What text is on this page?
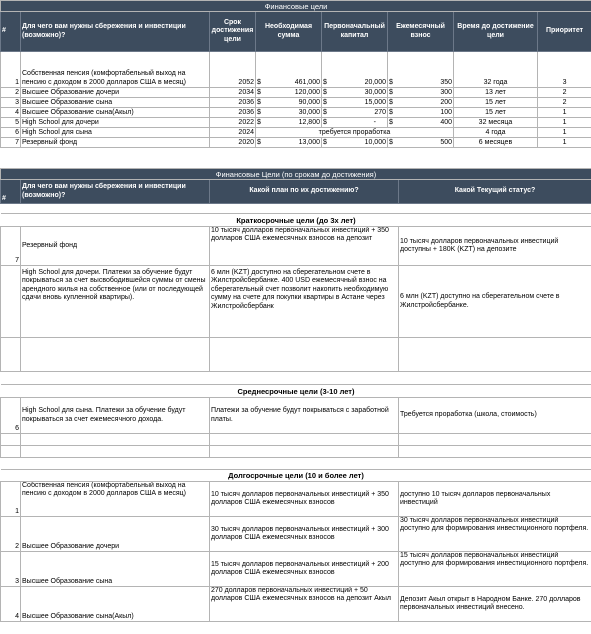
Финансовые цели							
#	Для чего вам нужны сбережения и инвестиции (возможно)?	Срок достижения цели	Необходимая сумма	Первоначальный капитал	Ежемесячный взнос	Время до достижение цели	Приоритет
1	Собственная пенсия (комфортабельный выход на пенсию с доходом в 2000 долларов США в месяц)	2052	$ 461,000	$ 20,000	$ 350	32 года	3
2	Высшее Образование дочери	2034	$ 120,000	$ 30,000	$ 300	13 лет	2
3	Высшее Образование сына	2036	$ 90,000	$ 15,000	$ 200	15 лет	2
4	Высшее Образование сына(Акыл)	2036	$ 30,000	$ 270	$ 100	15 лет	1
5	High School для дочери	2022	$ 12,800	$ -	$ 400	32 месяца	1
6	High School для сына	2024	требуется проработка			4 года	1
7	Резервный фонд	2020	$ 13,000	$ 10,000	$ 500	6 месяцев	1
Финансовые Цели (по срокам до достижения)			
#	Для чего вам нужны сбережения и инвестиции (возможно)?	Какой план по их достижению?	Какой Текущий статус?

Краткосрочные цели (до 3х лет)			
7	Резервный фонд	10 тысяч долларов первоначальных инвестиций + 350 долларов США ежемесячных взносов на депозит	10 тысяч долларов первоначальных инвестиций доступны + 180K (KZT) на депозите
	High School для дочери. Платежи за обучение будут покрываться за счет высвободившейся суммы от смены арендного жилья на собственное (или от последующей сдачи вновь купленной квартиры).	6 млн (KZT) доступно на сберегательном счете в Жилстройсбербанке. 400 USD ежемесячный взнос на сберегательный счет позволит накопить необходимую сумму на счете для покупки квартиры в Астане через Жилстройсбербанк	6 млн (KZT) доступно на сберегательном счете в Жилстройсбербанке.

Среднесрочные цели (3-10 лет)			
6	High School для сына. Платежи за обучение будут покрываться за счет ежемесячного дохода.	Платежи за обучение будут покрываться с заработной платы.	Требуется проработка (школа, стоимость)

Долгосрочные цели (10 и более лет)			
1	Собственная пенсия (комфортабельный выход на пенсию с доходом в 2000 долларов США в месяц)	10 тысяч долларов первоначальных инвестиций + 350 долларов США ежемесячных взносов	доступно 10 тысяч долларов первоначальных инвестиций
2	Высшее Образование дочери	30 тысяч долларов первоначальных инвестиций + 300 долларов США ежемесячных взносов	30 тысяч долларов первоначальных инвестиций доступно для формирования инвестиционного портфеля.
3	Высшее Образование сына	15 тысяч долларов первоначальных инвестиций + 200 долларов США ежемесячных взносов	15 тысяч долларов первоначальных инвестиций доступно для формирования инвестиционного портфеля.
4	Высшее Образование сына(Акыл)	270 долларов первоначальных инвестиций + 50 долларов США ежемесячных взносов на депозит Акыл	Депозит Акыл открыт в Народном Банке. 270 долларов первоначальных инвестиций внесено.
